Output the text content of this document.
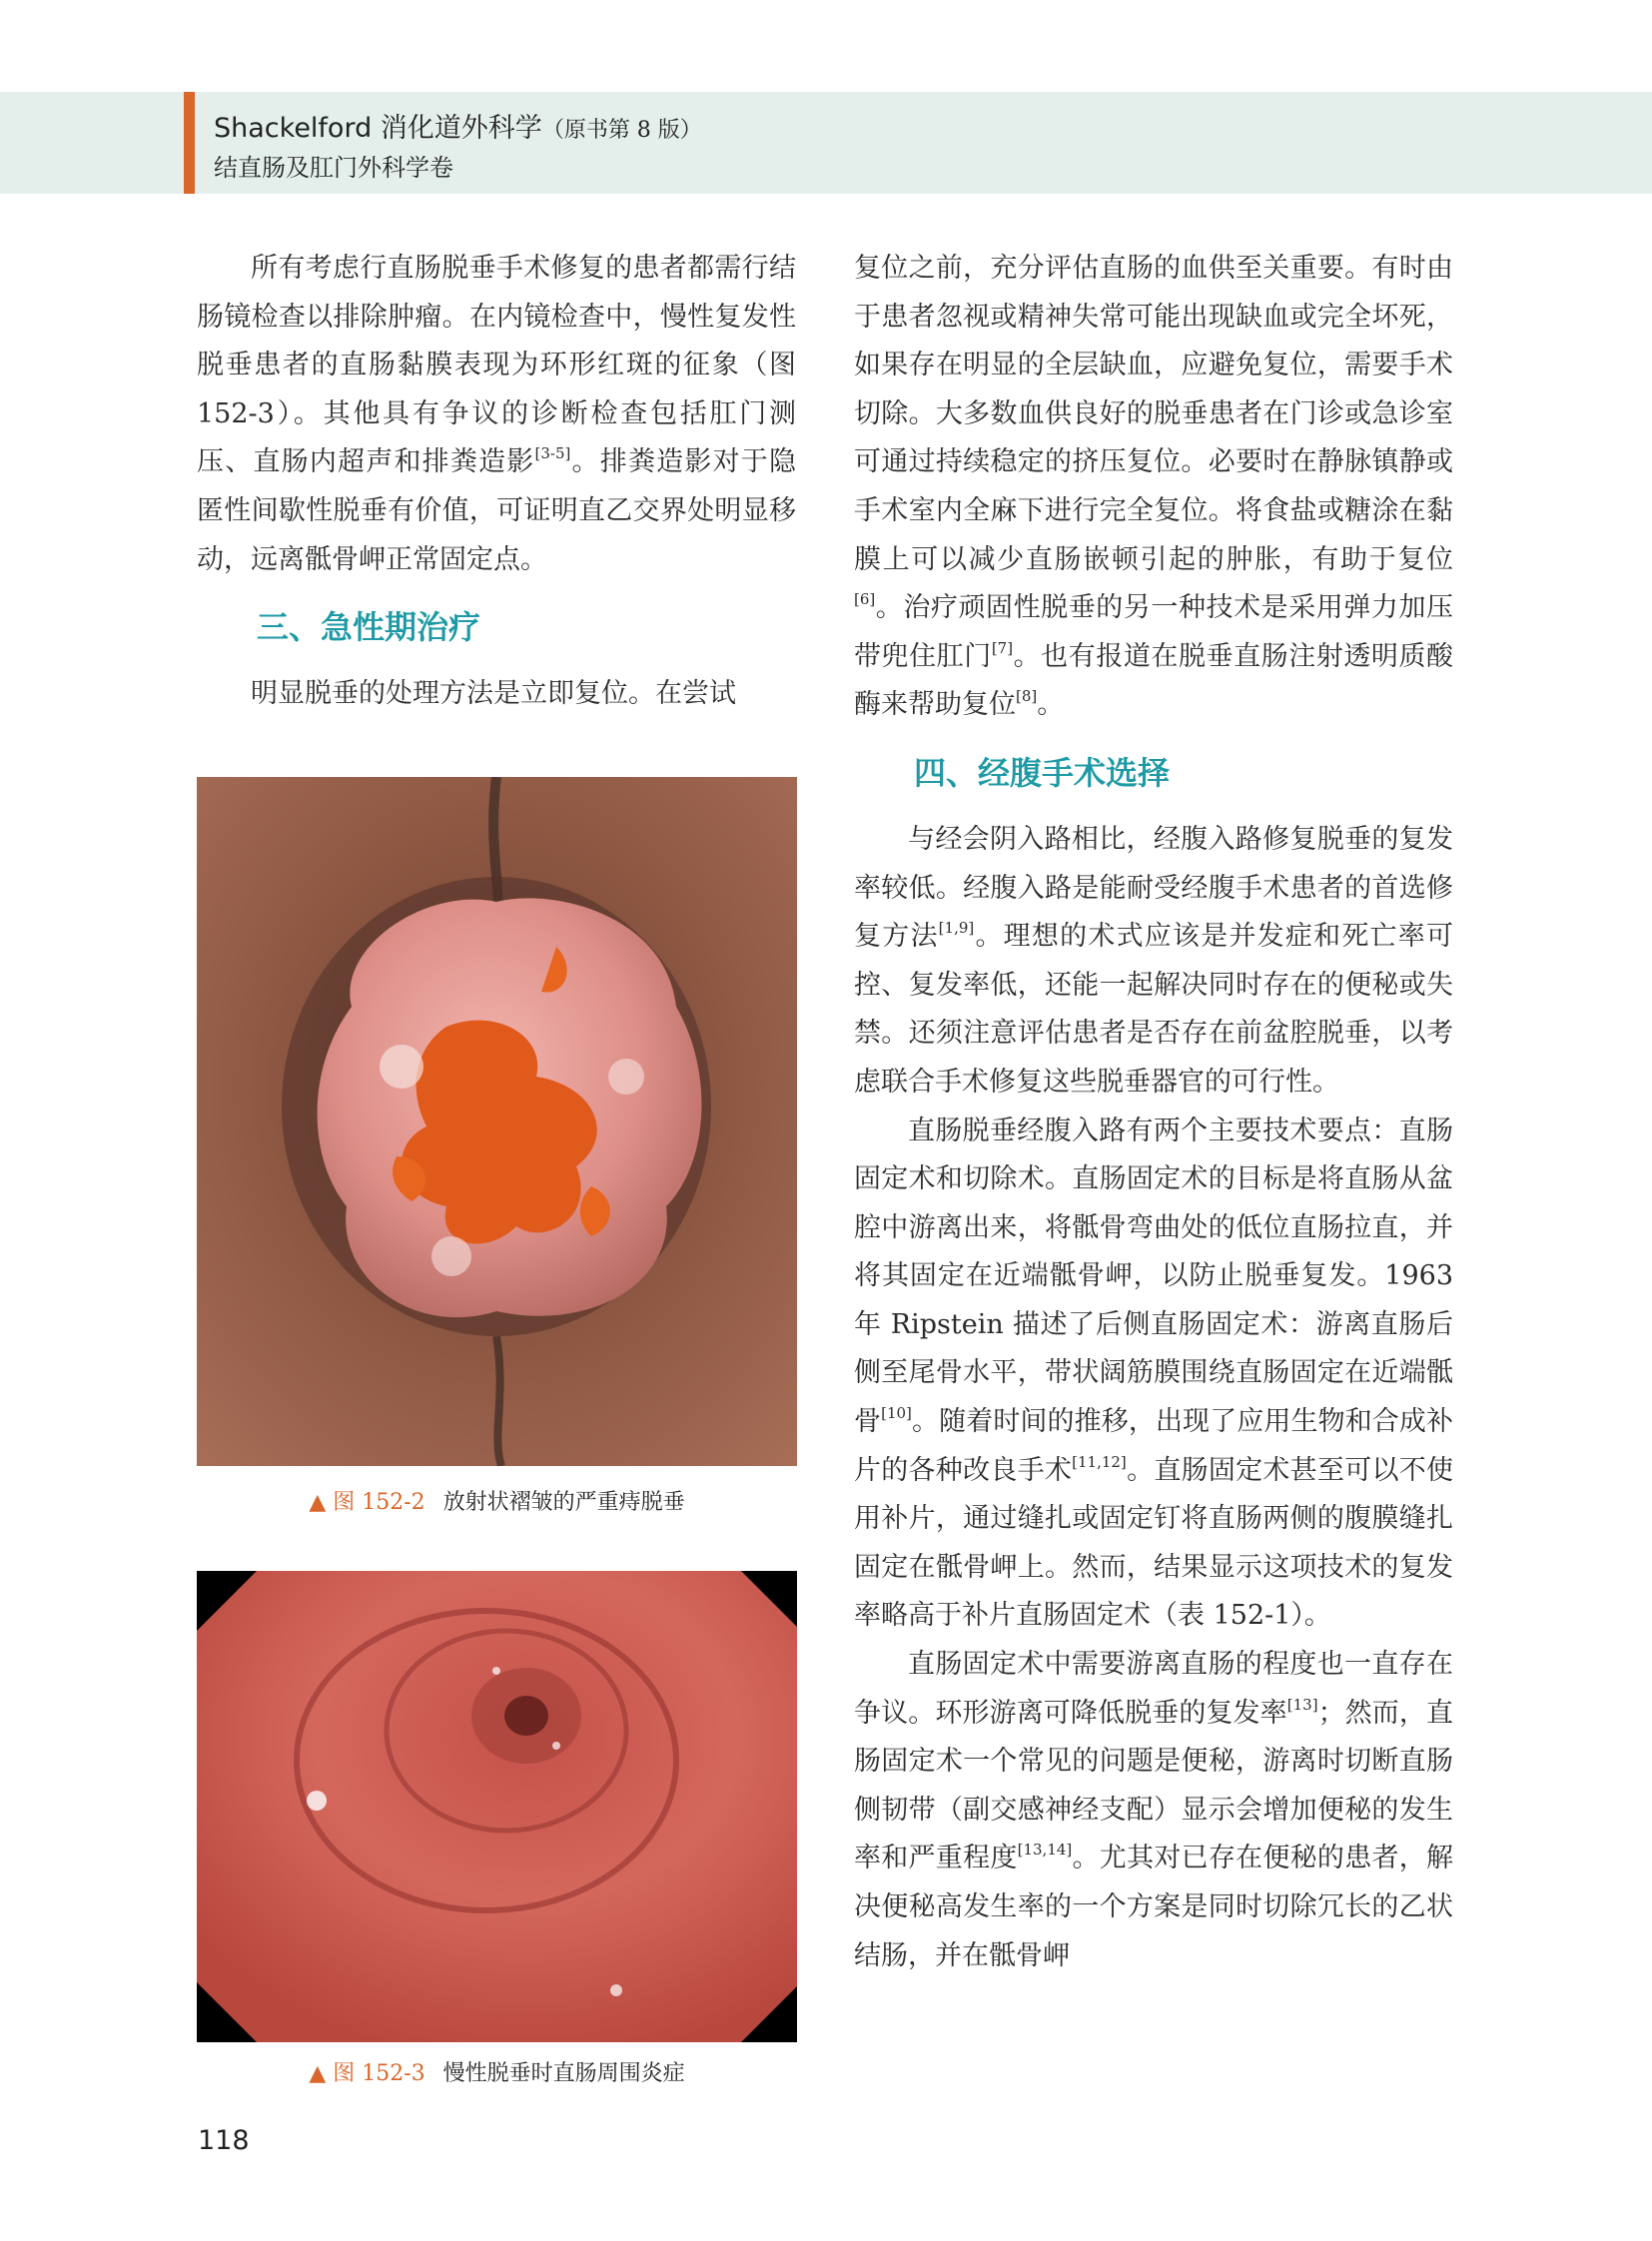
Shackelford 消化道外科学（原书第 8 版）
结直肠及肛门外科学卷

所有考虑行直肠脱垂手术修复的患者都需行结肠镜检查以排除肿瘤。在内镜检查中，慢性复发性脱垂患者的直肠黏膜表现为环形红斑的征象（图 152-3）。其他具有争议的诊断检查包括肛门测压、直肠内超声和排粪造影[3-5]。排粪造影对于隐匿性间歇性脱垂有价值，可证明直乙交界处明显移动，远离骶骨岬正常固定点。

三、急性期治疗

明显脱垂的处理方法是立即复位。在尝试

▲ 图 152-2 放射状褶皱的严重痔脱垂
▲ 图 152-3 慢性脱垂时直肠周围炎症

复位之前，充分评估直肠的血供至关重要。有时由于患者忽视或精神失常可能出现缺血或完全坏死，如果存在明显的全层缺血，应避免复位，需要手术切除。大多数血供良好的脱垂患者在门诊或急诊室可通过持续稳定的挤压复位。必要时在静脉镇静或手术室内全麻下进行完全复位。将食盐或糖涂在黏膜上可以减少直肠嵌顿引起的肿胀，有助于复位[6]。治疗顽固性脱垂的另一种技术是采用弹力加压带兜住肛门[7]。也有报道在脱垂直肠注射透明质酸酶来帮助复位[8]。

四、经腹手术选择

与经会阴入路相比，经腹入路修复脱垂的复发率较低。经腹入路是能耐受经腹手术患者的首选修复方法[1,9]。理想的术式应该是并发症和死亡率可控、复发率低，还能一起解决同时存在的便秘或失禁。还须注意评估患者是否存在前盆腔脱垂，以考虑联合手术修复这些脱垂器官的可行性。

直肠脱垂经腹入路有两个主要技术要点：直肠固定术和切除术。直肠固定术的目标是将直肠从盆腔中游离出来，将骶骨弯曲处的低位直肠拉直，并将其固定在近端骶骨岬，以防止脱垂复发。1963 年 Ripstein 描述了后侧直肠固定术：游离直肠后侧至尾骨水平，带状阔筋膜围绕直肠固定在近端骶骨[10]。随着时间的推移，出现了应用生物和合成补片的各种改良手术[11,12]。直肠固定术甚至可以不使用补片，通过缝扎或固定钉将直肠两侧的腹膜缝扎固定在骶骨岬上。然而，结果显示这项技术的复发率略高于补片直肠固定术（表 152-1）。

直肠固定术中需要游离直肠的程度也一直存在争议。环形游离可降低脱垂的复发率[13]；然而，直肠固定术一个常见的问题是便秘，游离时切断直肠侧韧带（副交感神经支配）显示会增加便秘的发生率和严重程度[13,14]。尤其对已存在便秘的患者，解决便秘高发生率的一个方案是同时切除冗长的乙状结肠，并在骶骨岬

118
